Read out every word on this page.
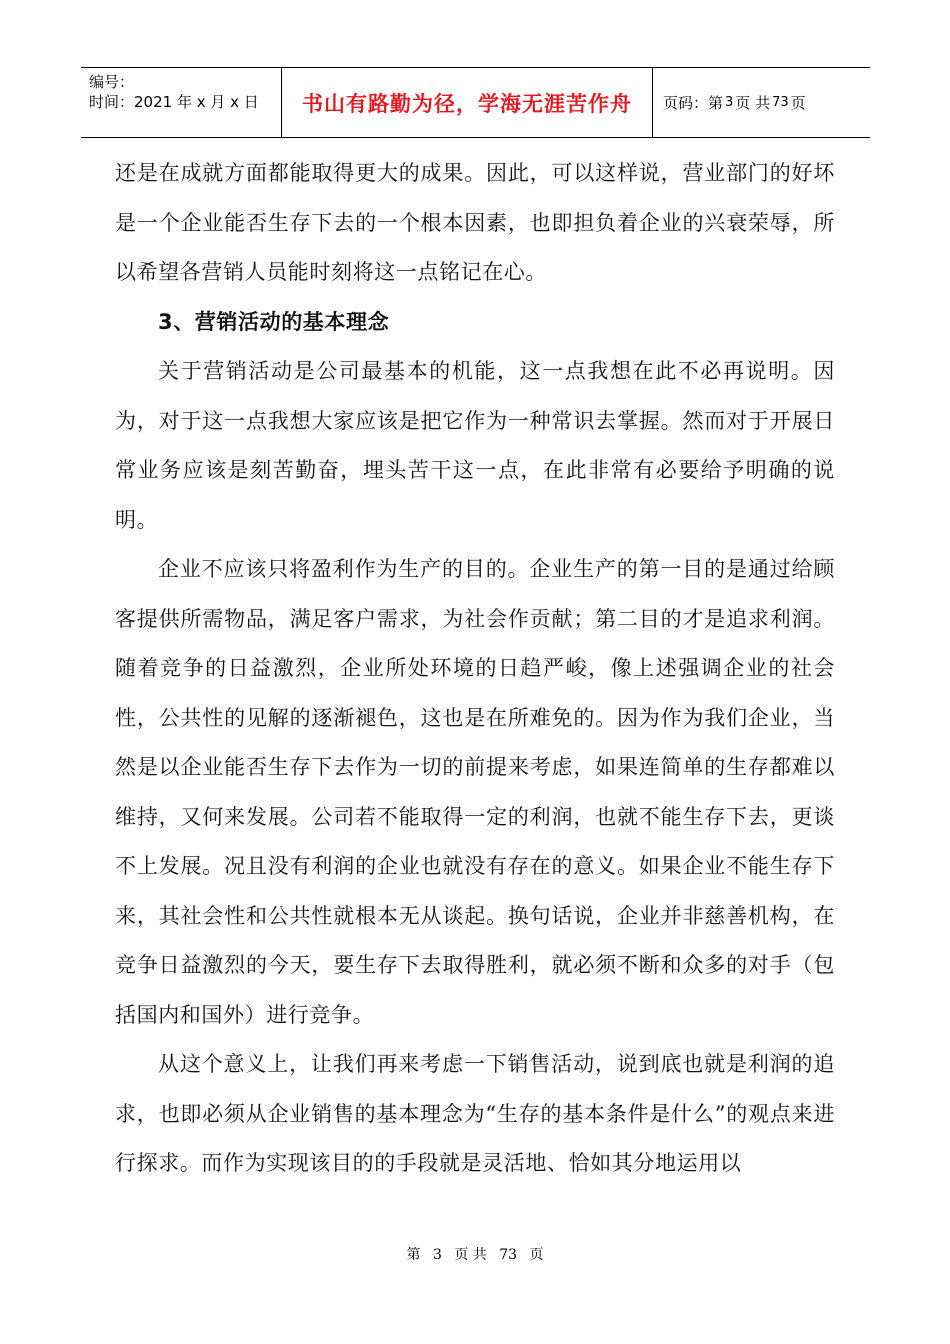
编号：
时间：2021 年 x 月 x 日	书山有路勤为径，学海无涯苦作舟 页码：第 3 页 共 73 页

还是在成就方面都能取得更大的成果。因此，可以这样说，营业部门的好坏是一个企业能否生存下去的一个根本因素，也即担负着企业的兴衰荣辱，所以希望各营销人员能时刻将这一点铭记在心。

3、营销活动的基本理念

关于营销活动是公司最基本的机能，这一点我想在此不必再说明。因为，对于这一点我想大家应该是把它作为一种常识去掌握。然而对于开展日常业务应该是刻苦勤奋，埋头苦干这一点，在此非常有必要给予明确的说明。

企业不应该只将盈利作为生产的目的。企业生产的第一目的是通过给顾客提供所需物品，满足客户需求，为社会作贡献；第二目的才是追求利润。随着竞争的日益激烈，企业所处环境的日趋严峻，像上述强调企业的社会性，公共性的见解的逐渐褪色，这也是在所难免的。因为作为我们企业，当然是以企业能否生存下去作为一切的前提来考虑，如果连简单的生存都难以维持，又何来发展。公司若不能取得一定的利润，也就不能生存下去，更谈不上发展。况且没有利润的企业也就没有存在的意义。如果企业不能生存下来，其社会性和公共性就根本无从谈起。换句话说，企业并非慈善机构，在竞争日益激烈的今天，要生存下去取得胜利，就必须不断和众多的对手（包括国内和国外）进行竞争。

从这个意义上，让我们再来考虑一下销售活动，说到底也就是利润的追求，也即必须从企业销售的基本理念为“生存的基本条件是什么”的观点来进行探求。而作为实现该目的的手段就是灵活地、恰如其分地运用以

第 3 页 共 73 页
